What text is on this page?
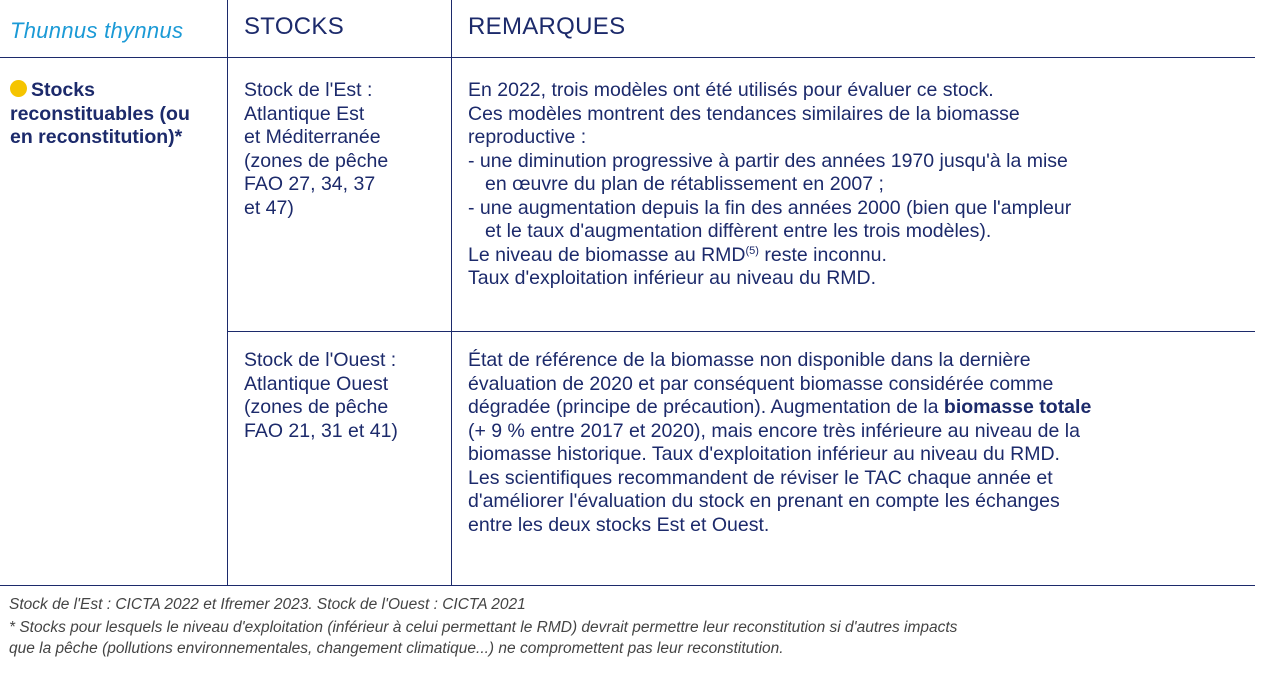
Thunnus thynnus	STOCKS	REMARQUES
Stocks
reconstituables (ou
en reconstitution)*
Stock de l'Est :
Atlantique Est
et Méditerranée
(zones de pêche
FAO 27, 34, 37
et 47)
En 2022, trois modèles ont été utilisés pour évaluer ce stock.
Ces modèles montrent des tendances similaires de la biomasse
reproductive :
- une diminution progressive à partir des années 1970 jusqu'à la mise
en œuvre du plan de rétablissement en 2007 ;
- une augmentation depuis la fin des années 2000 (bien que l'ampleur
et le taux d'augmentation diffèrent entre les trois modèles).
Le niveau de biomasse au RMD$^{(5)}$ reste inconnu.
Taux d'exploitation inférieur au niveau du RMD.
Stock de l'Ouest :
Atlantique Ouest
(zones de pêche
FAO 21, 31 et 41)
État de référence de la biomasse non disponible dans la dernière
évaluation de 2020 et par conséquent biomasse considérée comme
dégradée (principe de précaution). Augmentation de la biomasse totale
(+ 9 % entre 2017 et 2020), mais encore très inférieure au niveau de la
biomasse historique. Taux d'exploitation inférieur au niveau du RMD.
Les scientifiques recommandent de réviser le TAC chaque année et
d'améliorer l'évaluation du stock en prenant en compte les échanges
entre les deux stocks Est et Ouest.
Stock de l'Est : CICTA 2022 et Ifremer 2023. Stock de l'Ouest : CICTA 2021
* Stocks pour lesquels le niveau d'exploitation (inférieur à celui permettant le RMD) devrait permettre leur reconstitution si d'autres impacts
que la pêche (pollutions environnementales, changement climatique...) ne compromettent pas leur reconstitution.
